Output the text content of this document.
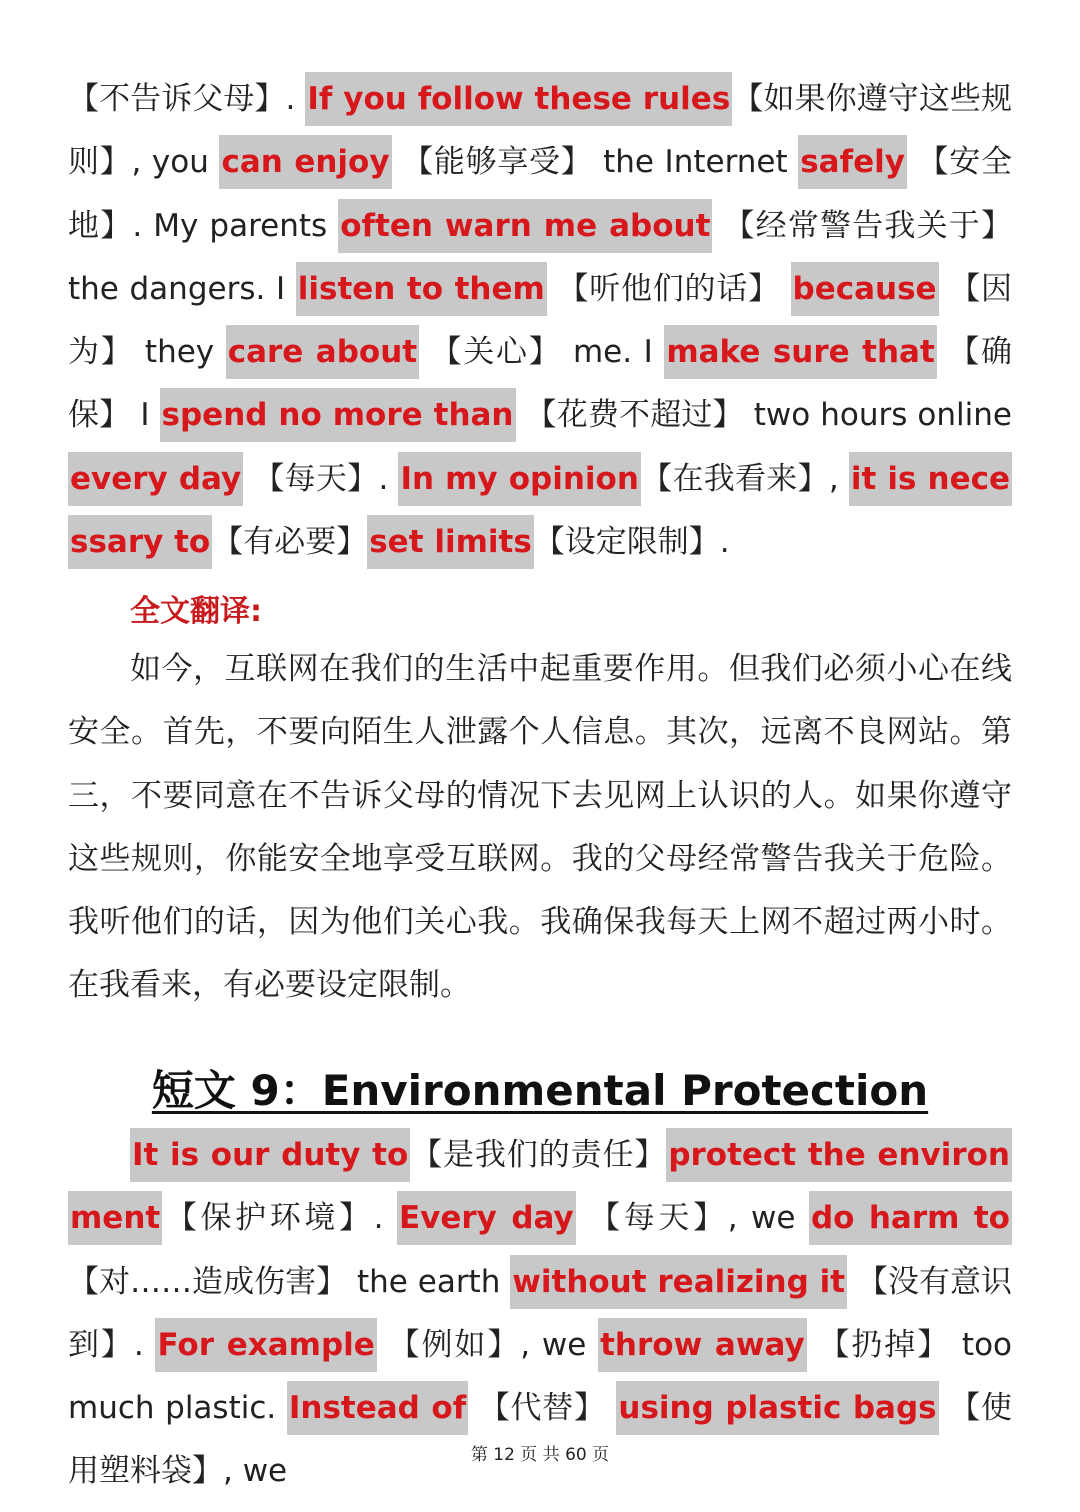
【不告诉父母】. If you follow these rules【如果你遵守这些规则】, you can enjoy 【能够享受】 the Internet safely 【安全地】. My parents often warn me about 【经常警告我关于】 the dangers. I listen to them 【听他们的话】 because 【因为】 they care about 【关心】 me. I make sure that 【确保】 I spend no more than 【花费不超过】 two hours online every day 【每天】. In my opinion【在我看来】, it is necessary to【有必要】set limits【设定限制】.

全文翻译:

如今，互联网在我们的生活中起重要作用。但我们必须小心在线安全。首先，不要向陌生人泄露个人信息。其次，远离不良网站。第三，不要同意在不告诉父母的情况下去见网上认识的人。如果你遵守这些规则，你能安全地享受互联网。我的父母经常警告我关于危险。我听他们的话，因为他们关心我。我确保我每天上网不超过两小时。在我看来，有必要设定限制。

短文 9：Environmental Protection

It is our duty to【是我们的责任】protect the environment【保护环境】. Every day 【每天】, we do harm to 【对……造成伤害】 the earth without realizing it 【没有意识到】. For example 【例如】, we throw away 【扔掉】 too much plastic. Instead of 【代替】 using plastic bags 【使用塑料袋】, we	第 12 页 共 60 页
